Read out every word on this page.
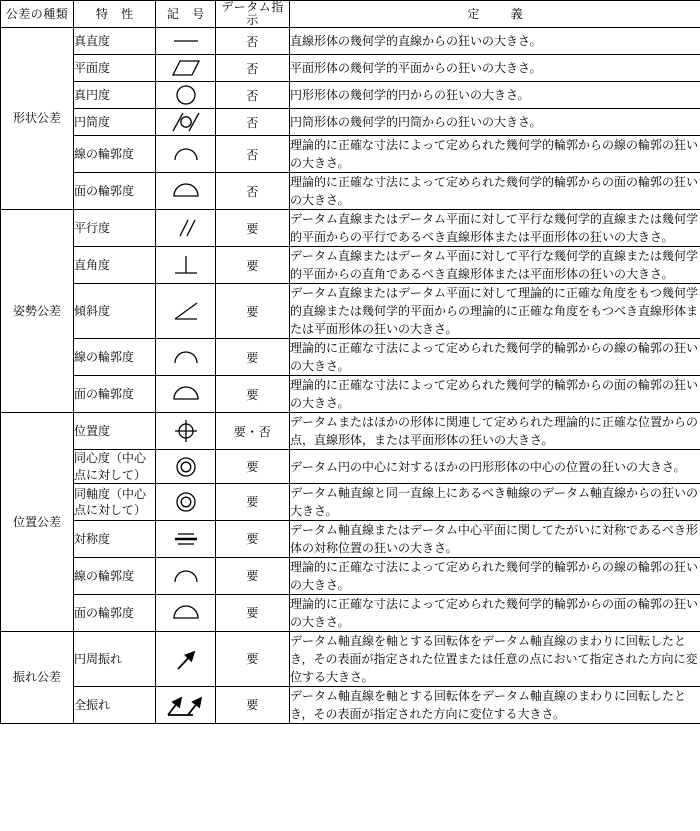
公差の種類	特 性	記 号	データム指示	定 義
形状公差	真直度		否	直線形体の幾何学的直線からの狂いの大きさ。
	平面度		否	平面形体の幾何学的平面からの狂いの大きさ。
	真円度		否	円形形体の幾何学的円からの狂いの大きさ。
	円筒度		否	円筒形体の幾何学的円筒からの狂いの大きさ。
	線の輪郭度		否	理論的に正確な寸法によって定められた幾何学的輪郭からの線の輪郭の狂いの大きさ。
	面の輪郭度		否	理論的に正確な寸法によって定められた幾何学的輪郭からの面の輪郭の狂いの大きさ。
姿勢公差	平行度		要	データム直線またはデータム平面に対して平行な幾何学的直線または幾何学的平面からの平行であるべき直線形体または平面形体の狂いの大きさ。
	直角度		要	データム直線またはデータム平面に対して平行な幾何学的直線または幾何学的平面からの直角であるべき直線形体または平面形体の狂いの大きさ。
	傾斜度		要	データム直線またはデータム平面に対して理論的に正確な角度をもつ幾何学的直線または幾何学的平面からの理論的に正確な角度をもつべき直線形体または平面形体の狂いの大きさ。
	線の輪郭度		要	理論的に正確な寸法によって定められた幾何学的輪郭からの線の輪郭の狂いの大きさ。
	面の輪郭度		要	理論的に正確な寸法によって定められた幾何学的輪郭からの面の輪郭の狂いの大きさ。
位置公差	位置度		要・否	データムまたはほかの形体に関連して定められた理論的に正確な位置からの点，直線形体，または平面形体の狂いの大きさ。
	同心度（中心点に対して）		要	データム円の中心に対するほかの円形形体の中心の位置の狂いの大きさ。
	同軸度（中心点に対して）		要	データム軸直線と同一直線上にあるべき軸線のデータム軸直線からの狂いの大きさ。
	対称度		要	データム軸直線またはデータム中心平面に関してたがいに対称であるべき形体の対称位置の狂いの大きさ。
	線の輪郭度		要	理論的に正確な寸法によって定められた幾何学的輪郭からの線の輪郭の狂いの大きさ。
	面の輪郭度		要	理論的に正確な寸法によって定められた幾何学的輪郭からの面の輪郭の狂いの大きさ。
振れ公差	円周振れ		要	データム軸直線を軸とする回転体をデータム軸直線のまわりに回転したとき，その表面が指定された位置または任意の点において指定された方向に変位する大きさ。
	全振れ		要	データム軸直線を軸とする回転体をデータム軸直線のまわりに回転したとき，その表面が指定された方向に変位する大きさ。
